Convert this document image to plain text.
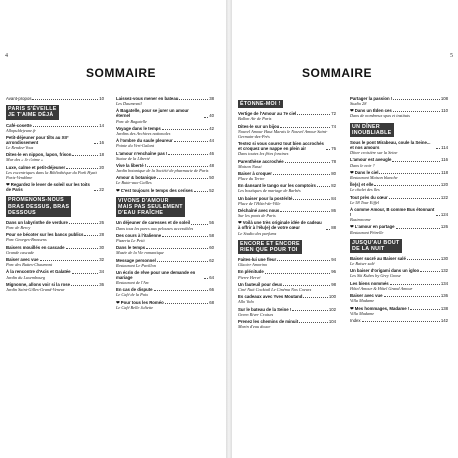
4
SOMMAIRE
Avant-propos	10
PARIS S'ÉVEILLE
JE T'AIME DÉJÀ
Café-cosette	14
Allopuldejeune.fr
Petit-déjeuner pour tilts au XII° arrondissement	16
Le Rendez-Vous
Dites-le en nippon, lapon, frison	18
Mur des « Je t'aime »
Luxe, calme et petit-déjeuner	20
Les excentriques dans la Bibliothèque du Park Hyatt Paris-Vendôme
❤ Regardez le lever de soleil sur les toits de Paris	22
PROMENONS-NOUS
BRAS DESSUS, BRAS
DESSOUS
Dans un labyrinthe de verdure	26
Parc de Bercy
Pour se bécoter sur les bancs publics	28
Parc Georges-Brassens
Baisers mouillés en cascade	30
Grande cascade
Baiser avec vue	32
Parc des Buttes-Chaumont
À la rencontre d'Acis et Galatée	34
Jardin du Luxembourg
Mignonne, allons voir si la rose	36
Jardin Saint-Gilles-Grand-Veneur
Laissez-vous mener en bateau	38
Les Daumesnil
À Bagatelle, pour se jurer un amour éternel	40
Parc de Bagatelle
Voyage dans le temps	42
Jardins des Archives nationales
À l'ombre du saule pleureur	44
Pointe du Vert-Galant
L'amour n'enchaîne pas !	46
Statue de la Liberté
Vive la liberté !	48
Jardin botanique de la Société de pharmacie de Paris
Amour & botanique	50
Le Butte-aux-Cailles
❤ C'est toujours le temps des cerises	52
VIVONS D'AMOUR
MAIS PAS SEULEMENT
D'EAU FRAÎCHE
Un déjeuner de caresses et de soleil	56
Dans tous les parcs aux pelouses accessibles
Des cours à l'italienne	58
Pizzeria Le Petit
Dans le temps	60
Musée de la Vie romantique
Message personnel	62
Restaurant Le Pavillon
Un écrin de rêve pour une demande en mariage	64
Restaurant de l'Arc
En cas de dispute	66
Le Café de la Paix
❤ Pour tous les Roméo	68
Le Café Belle Juliette
5
SOMMAIRE
ÉTONNE-MOI !
Vertige de l'Amour au 7e ciel	72
Ballon Air de Paris
Dites-le sur un bijou	74
Nouvel Amour Haut Marais le Nouvel Amour Saint-Germain-des-Prés
Testez si vous courez tout bien accrochés et croquez une nappe en plein air	76
Dans toutes les fêtes foraines
Parenthèse accrochée	78
Maison Nassi
Baiser à croquer	80
Place du Tertre
En dansant le tango sur les comptoirs	82
Les boutiques de mariage de Barbès
Un baiser pour la postérité	84
Place de l'Hôtel-de-Ville
Déchaîné avec nous	86
Sur les ponts de Paris
❤ Voilà une très originale idée de cadeau à offrir à l'élu(e) de votre cœur	88
Le Studio des parfums
ENCORE ET ENCORE
RIEN QUE POUR TOI
Faites-lui une fleur	94
Glacier Amorino
En plénitude	96
Pierre Hervé
Un fauteuil pour deux	98
Ciné Nuit Cocktail Le Cinéma Nos Coeurs
Es cadeaux avec Yves Moutand	100
Allo Valo
Sur le bateau de la Seine !	102
Green River Cruises
Prenez les chemins de minuit	104
Marin d'eau douce
Partager la passion !	108
Studio 28
❤ Dans un Éden ces	110
Dans de nombreux spas et instituts
UN DÎNER
INOUBLIABLE
Sous le pont Mirabeau, coule la Seine... et nos amours	114
Dîner croisière sur la Seine
L'amour est aveugle	116
Dans le noir ?
❤ Dans le ciel	118
Restaurant Maison blanche
Île(s) et elle	120
Le chalet des îles
Tout près du cœur	122
Le 58 Tour Eiffel
À comme Amour, B comme Bus étonnant !	124
Bustronome
❤ L'amour en partage	126
Restaurant Pétrelle
JUSQU'AU BOUT
DE LA NUIT
Baiser sucré au Baiser salé	130
Le Baiser salé
Un baiser d'origami dans un igloo	132
Les Ski Kubes by Grey Goose
Les biens nommés	134
Hôtel Amour & Hôtel Grand Amour
Baiser avec vue	136
Villa Madame
❤ Mes hommages, Madame !	138
Villa Madame
Index	142
